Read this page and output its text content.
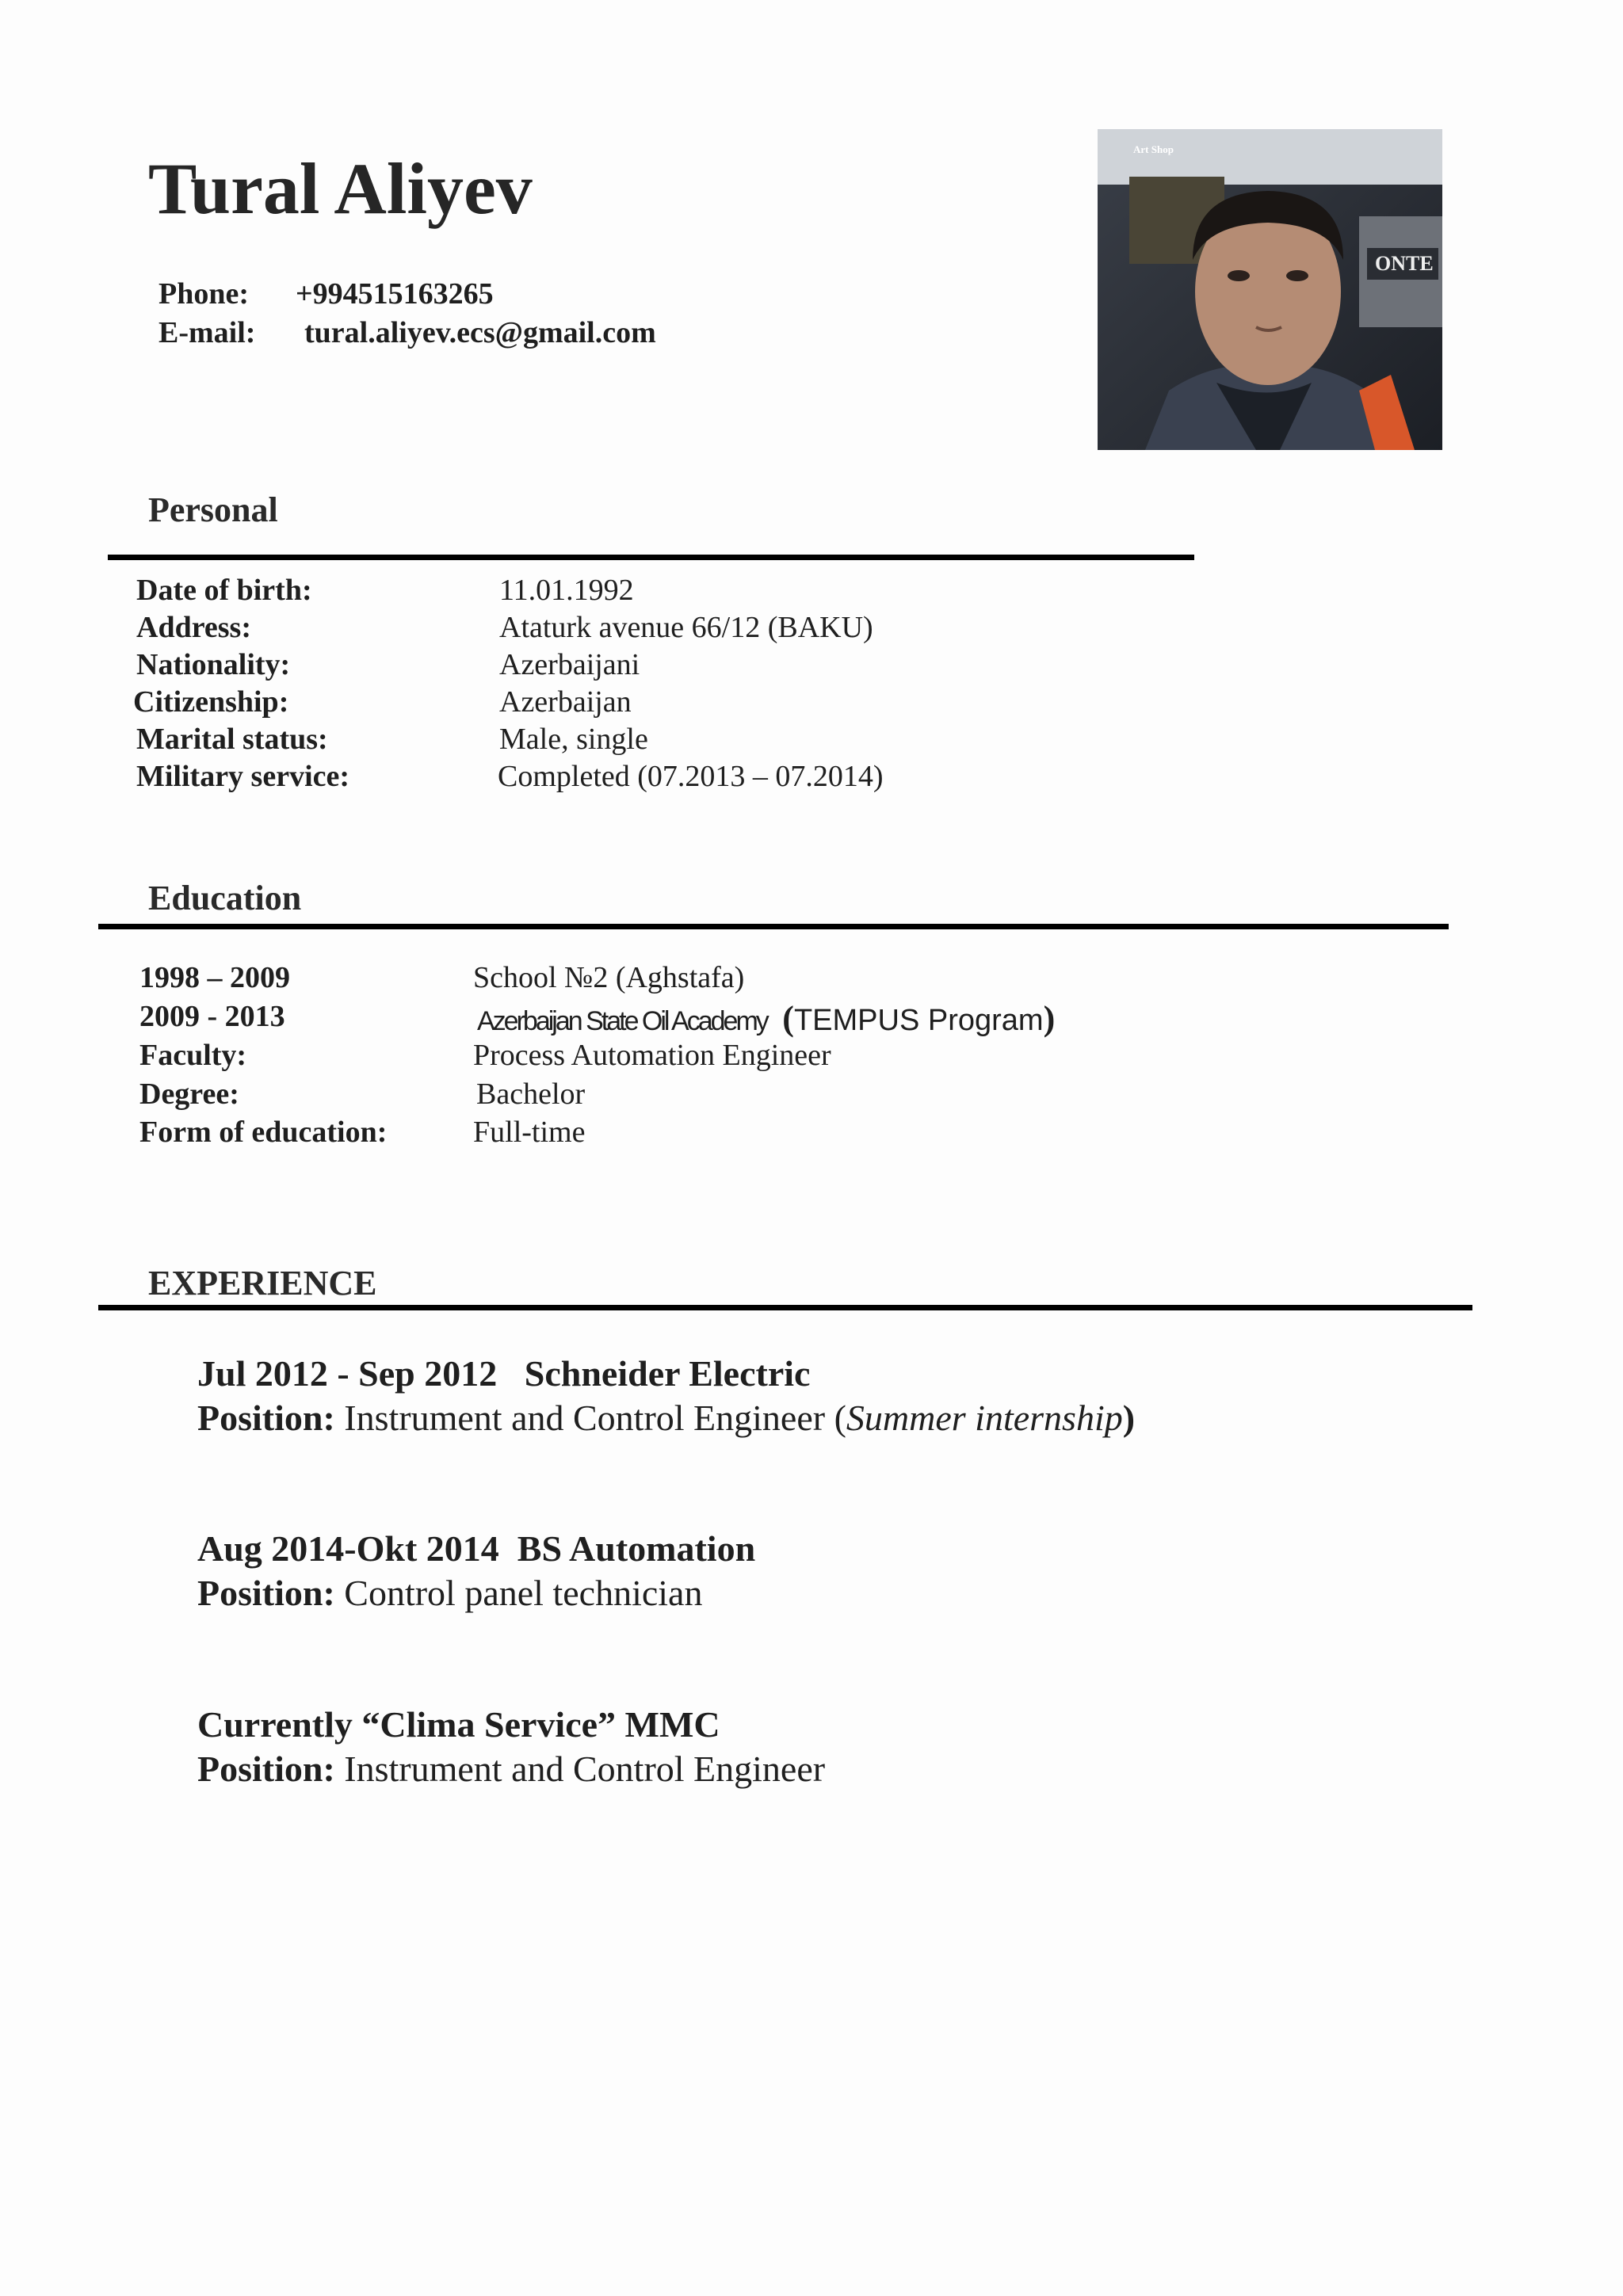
Tural Aliyev
Phone: +994515163265
E-mail: tural.aliyev.ecs@gmail.com
Art Shop
ONTE
Personal
Date of birth:	11.01.1992
Address:	Ataturk avenue 66/12 (BAKU)
Nationality:	Azerbaijani
Citizenship:	Azerbaijan
Marital status:	Male, single
Military service:	Completed (07.2013 – 07.2014)
Education
1998 – 2009	School №2 (Aghstafa)
2009 - 2013	Azerbaijan State Oil Academy (TEMPUS Program)
Faculty:	Process Automation Engineer
Degree:	Bachelor
Form of education:	Full-time
EXPERIENCE
Jul 2012 - Sep 2012   Schneider Electric
Position: Instrument and Control Engineer (Summer internship)
Aug 2014-Okt 2014  BS Automation
Position: Control panel technician
Currently “Clima Service” MMC
Position: Instrument and Control Engineer
